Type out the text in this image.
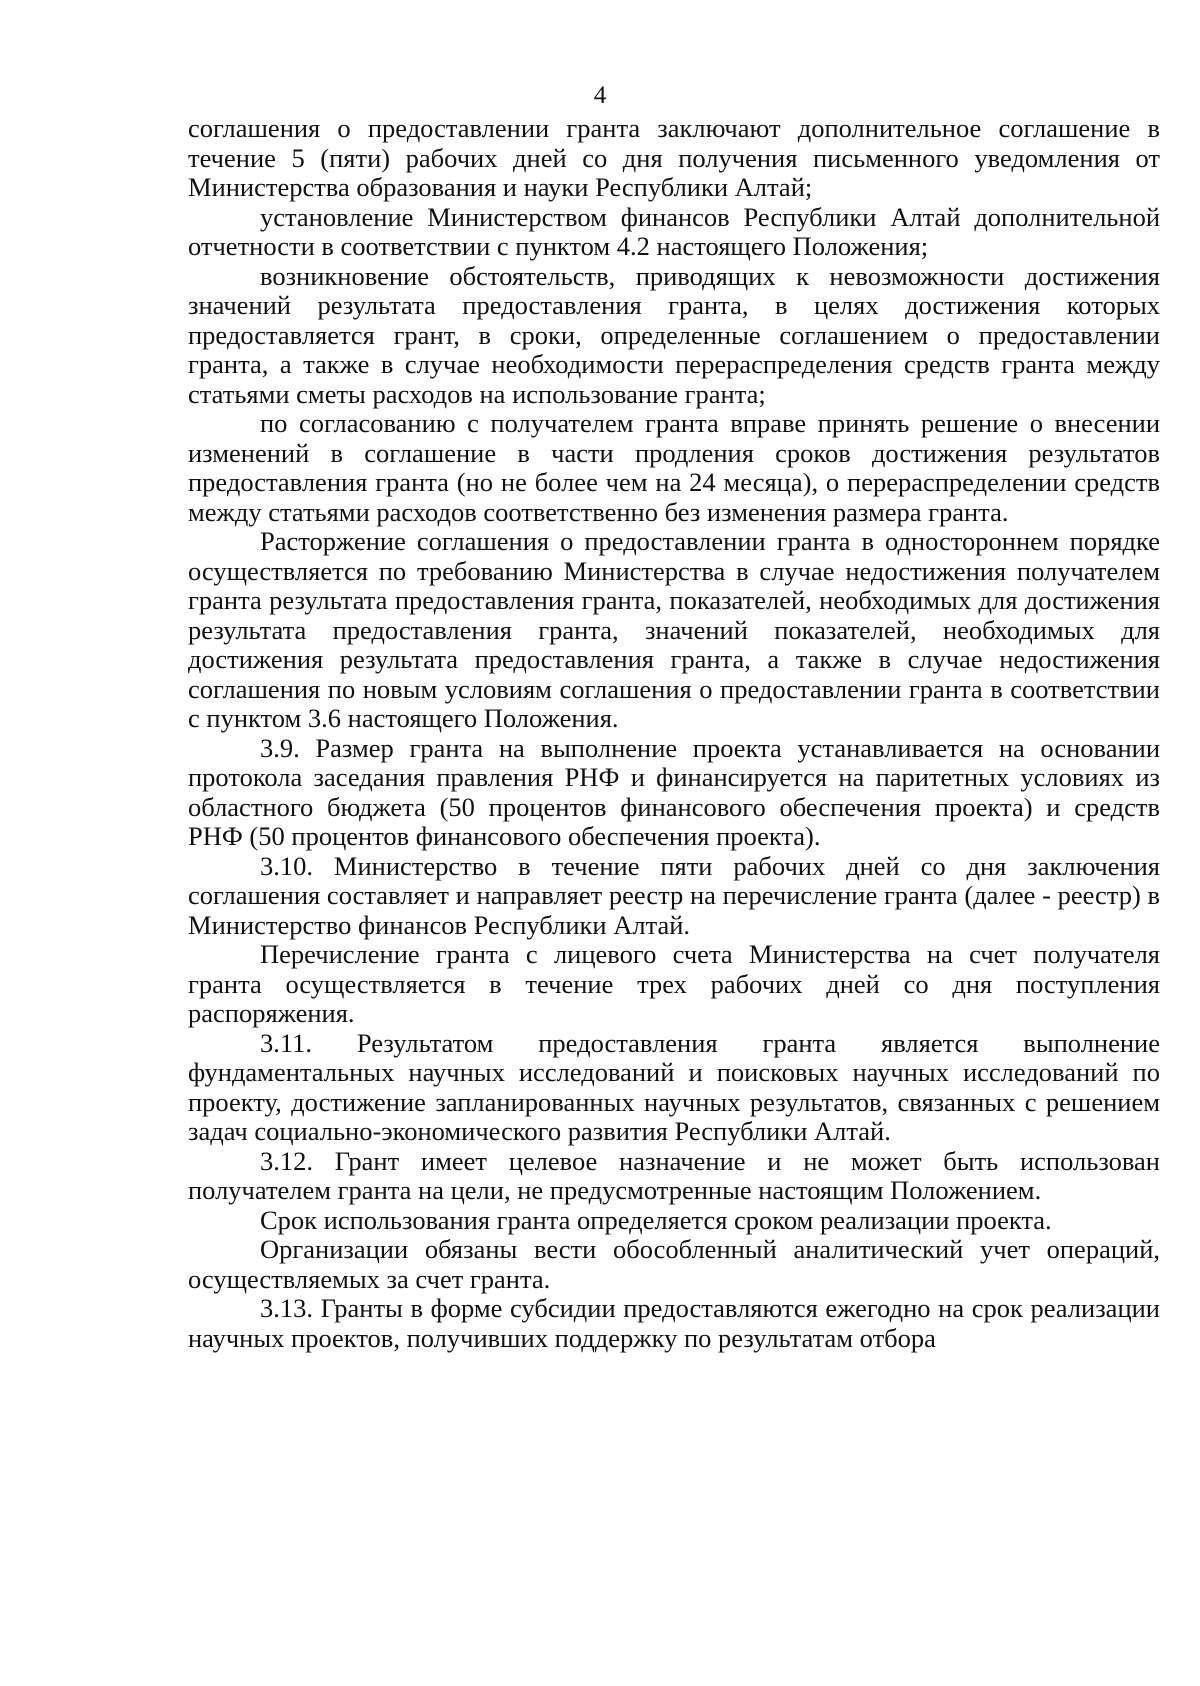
4

соглашения о предоставлении гранта заключают дополнительное соглашение в течение 5 (пяти) рабочих дней со дня получения письменного уведомления от Министерства образования и науки Республики Алтай;

установление Министерством финансов Республики Алтай дополнительной отчетности в соответствии с пунктом 4.2 настоящего Положения;

возникновение обстоятельств, приводящих к невозможности достижения значений результата предоставления гранта, в целях достижения которых предоставляется грант, в сроки, определенные соглашением о предоставлении гранта, а также в случае необходимости перераспределения средств гранта между статьями сметы расходов на использование гранта;

по согласованию с получателем гранта вправе принять решение о внесении изменений в соглашение в части продления сроков достижения результатов предоставления гранта (но не более чем на 24 месяца), о перераспределении средств между статьями расходов соответственно без изменения размера гранта.

Расторжение соглашения о предоставлении гранта в одностороннем порядке осуществляется по требованию Министерства в случае недостижения получателем гранта результата предоставления гранта, показателей, необходимых для достижения результата предоставления гранта, значений показателей, необходимых для достижения результата предоставления гранта, а также в случае недостижения соглашения по новым условиям соглашения о предоставлении гранта в соответствии с пунктом 3.6 настоящего Положения.

3.9. Размер гранта на выполнение проекта устанавливается на основании протокола заседания правления РНФ и финансируется на паритетных условиях из областного бюджета (50 процентов финансового обеспечения проекта) и средств РНФ (50 процентов финансового обеспечения проекта).

3.10. Министерство в течение пяти рабочих дней со дня заключения соглашения составляет и направляет реестр на перечисление гранта (далее - реестр) в Министерство финансов Республики Алтай.

Перечисление гранта с лицевого счета Министерства на счет получателя гранта осуществляется в течение трех рабочих дней со дня поступления распоряжения.

3.11. Результатом предоставления гранта является выполнение фундаментальных научных исследований и поисковых научных исследований по проекту, достижение запланированных научных результатов, связанных с решением задач социально-экономического развития Республики Алтай.

3.12. Грант имеет целевое назначение и не может быть использован получателем гранта на цели, не предусмотренные настоящим Положением.

Срок использования гранта определяется сроком реализации проекта.

Организации обязаны вести обособленный аналитический учет операций, осуществляемых за счет гранта.

3.13. Гранты в форме субсидии предоставляются ежегодно на срок реализации научных проектов, получивших поддержку по результатам отбора
